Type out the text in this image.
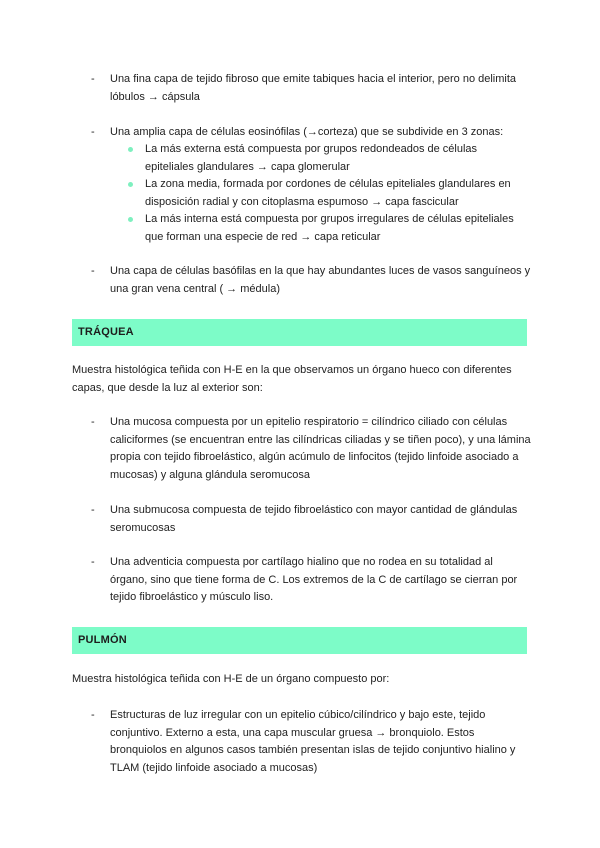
- Una fina capa de tejido fibroso que emite tabiques hacia el interior, pero no delimita lóbulos → cápsula
- Una amplia capa de células eosinófilas (→corteza) que se subdivide en 3 zonas:
La más externa está compuesta por grupos redondeados de células epiteliales glandulares → capa glomerular
La zona media, formada por cordones de células epiteliales glandulares en disposición radial y con citoplasma espumoso → capa fascicular
La más interna está compuesta por grupos irregulares de células epiteliales que forman una especie de red → capa reticular
- Una capa de células basófilas en la que hay abundantes luces de vasos sanguíneos y una gran vena central ( → médula)
TRÁQUEA
Muestra histológica teñida con H-E en la que observamos un órgano hueco con diferentes capas, que desde la luz al exterior son:
- Una mucosa compuesta por un epitelio respiratorio = cilíndrico ciliado con células caliciformes (se encuentran entre las cilíndricas ciliadas y se tiñen poco), y una lámina propia con tejido fibroelástico, algún acúmulo de linfocitos (tejido linfoide asociado a mucosas) y alguna glándula seromucosa
- Una submucosa compuesta de tejido fibroelástico con mayor cantidad de glándulas seromucosas
- Una adventicia compuesta por cartílago hialino que no rodea en su totalidad al órgano, sino que tiene forma de C. Los extremos de la C de cartílago se cierran por tejido fibroelástico y músculo liso.
PULMÓN
Muestra histológica teñida con H-E de un órgano compuesto por:
- Estructuras de luz irregular con un epitelio cúbico/cilíndrico y bajo este, tejido conjuntivo. Externo a esta, una capa muscular gruesa → bronquiolo. Estos bronquiolos en algunos casos también presentan islas de tejido conjuntivo hialino y TLAM (tejido linfoide asociado a mucosas)
